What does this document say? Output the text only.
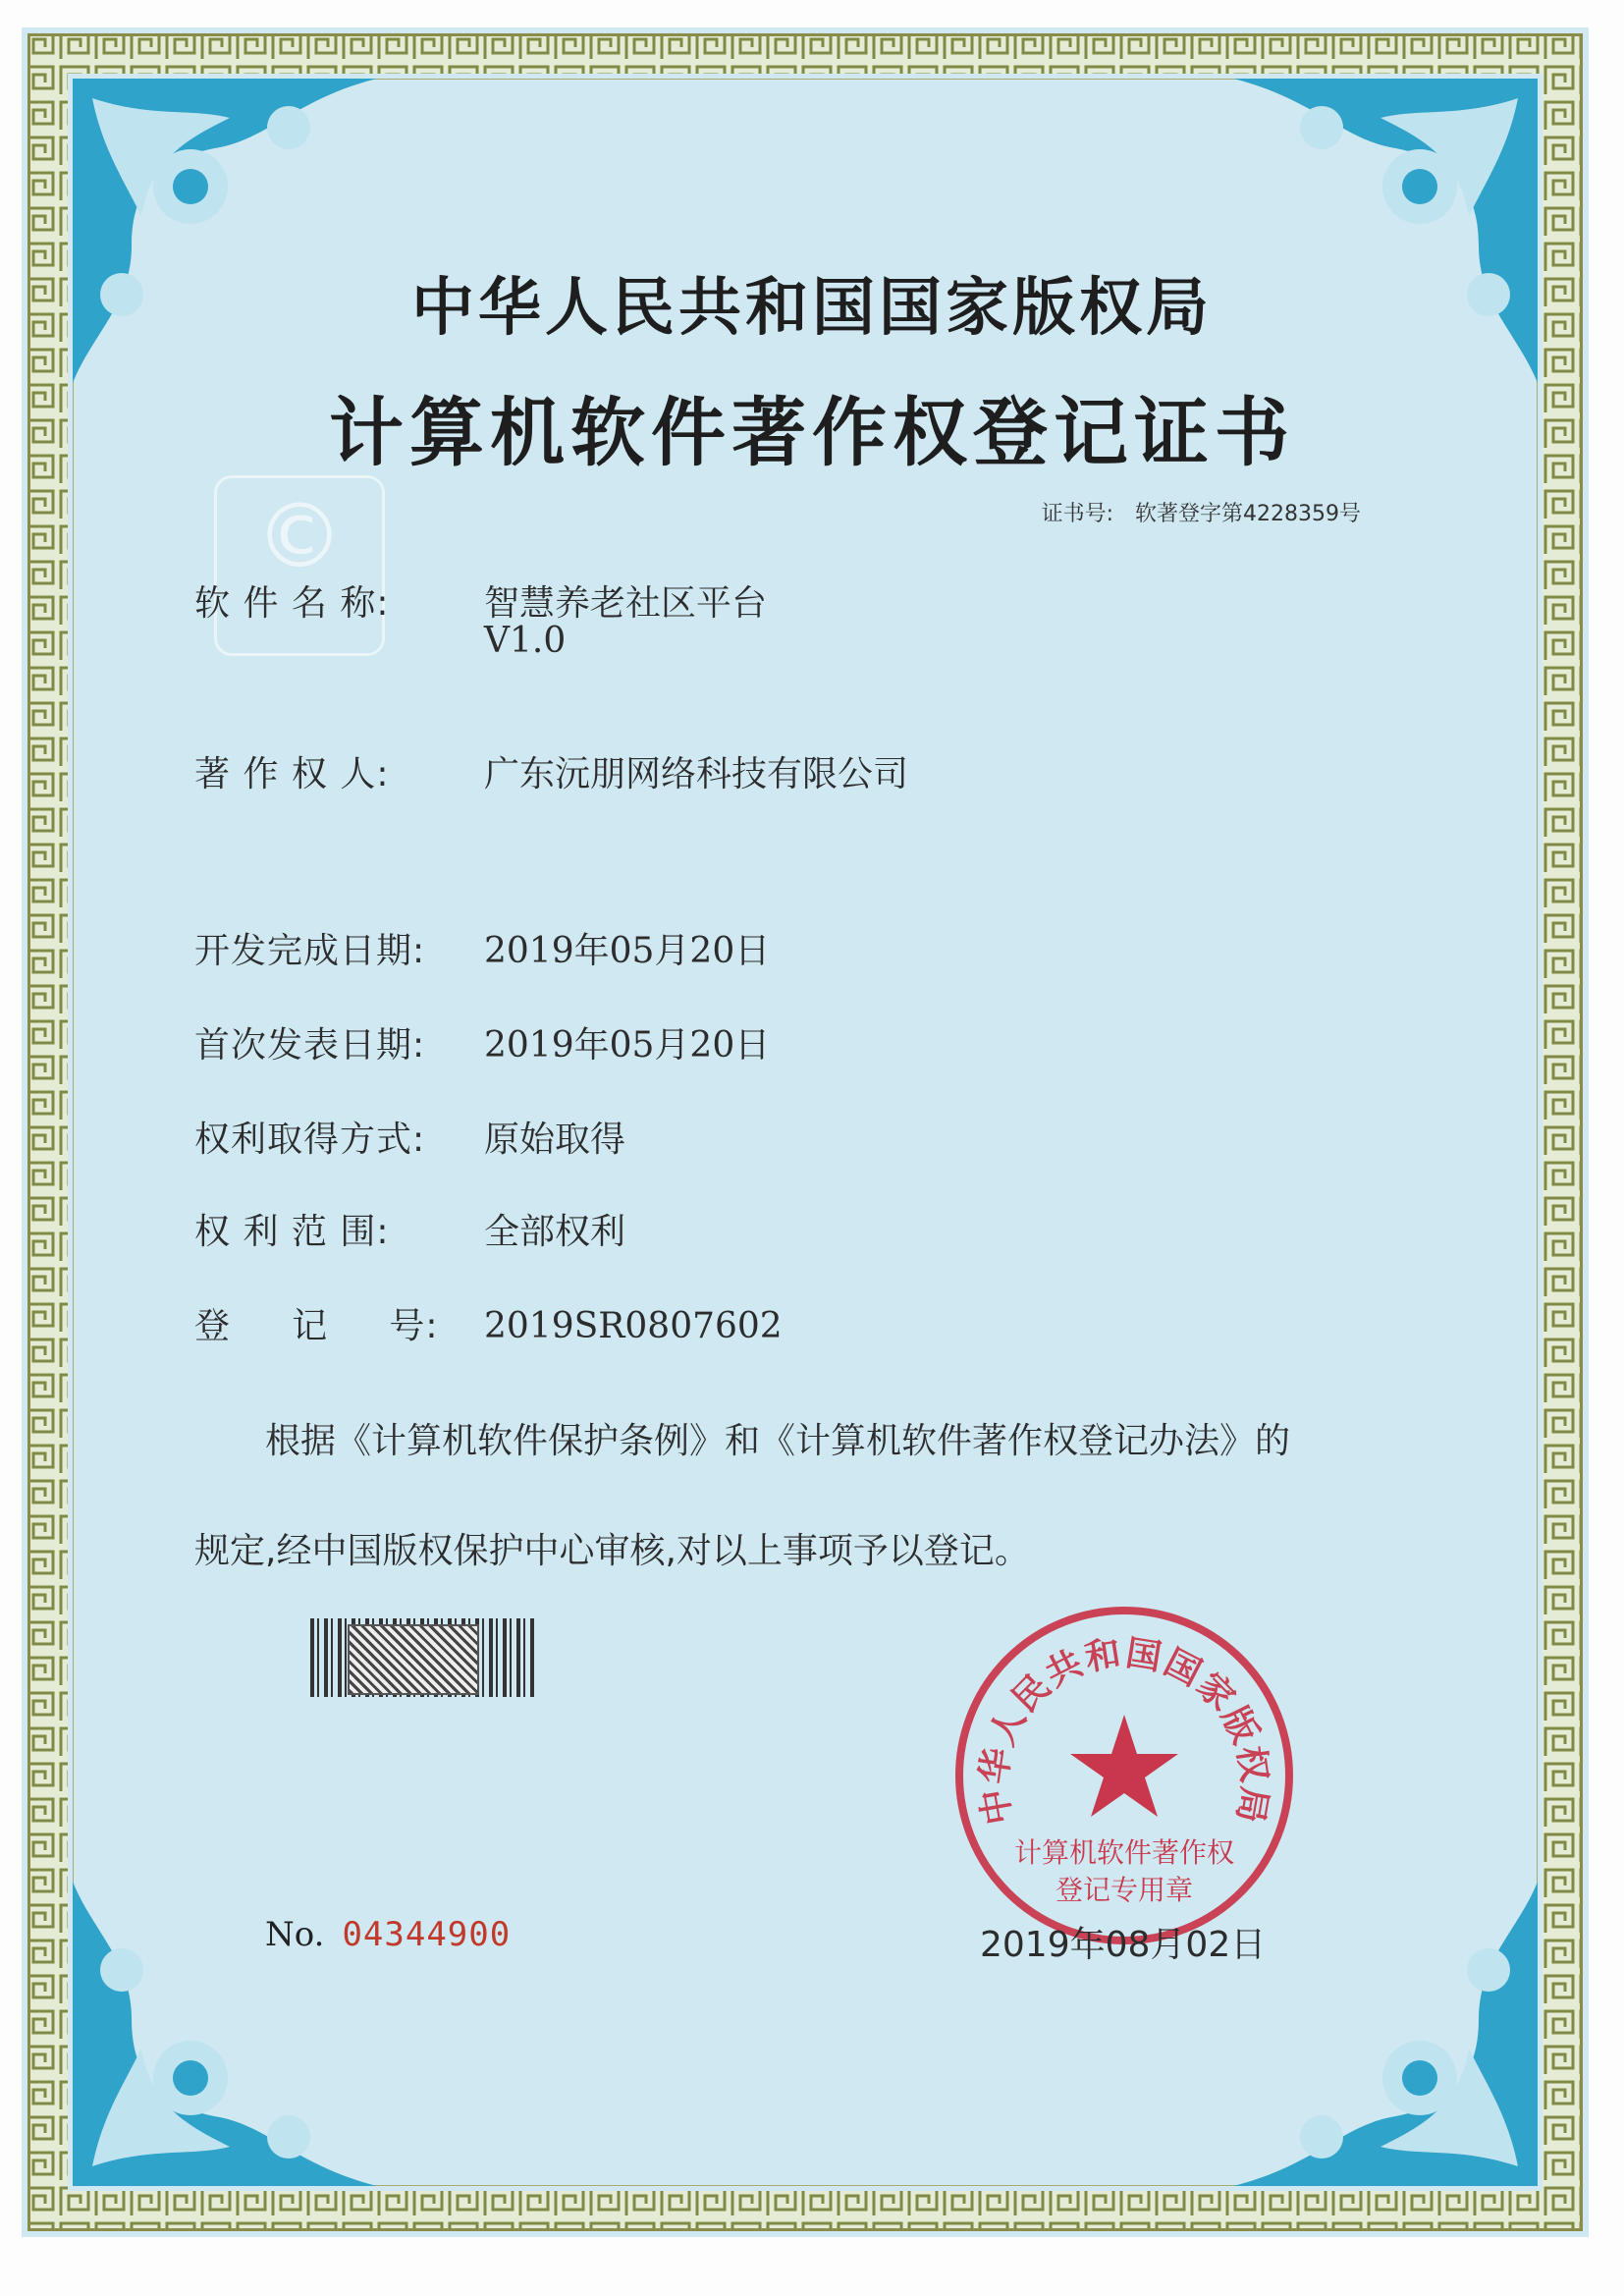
©
中华人民共和国国家版权局
计算机软件著作权登记证书
证书号: 软著登字第4228359号
软 件 名 称:	智慧养老社区平台
V1.0
著 作 权 人:	广东沅朋网络科技有限公司
开发完成日期: 2019年05月20日
首次发表日期: 2019年05月20日
权利取得方式: 原始取得
权 利 范 围:	全部权利
登     记     号: 2019SR0807602
根据《计算机软件保护条例》和《计算机软件著作权登记办法》的
规定,经中国版权保护中心审核,对以上事项予以登记。
No. 04344900
中华人民共和国国家版权局
计算机软件著作权
登记专用章
2019年08月02日
